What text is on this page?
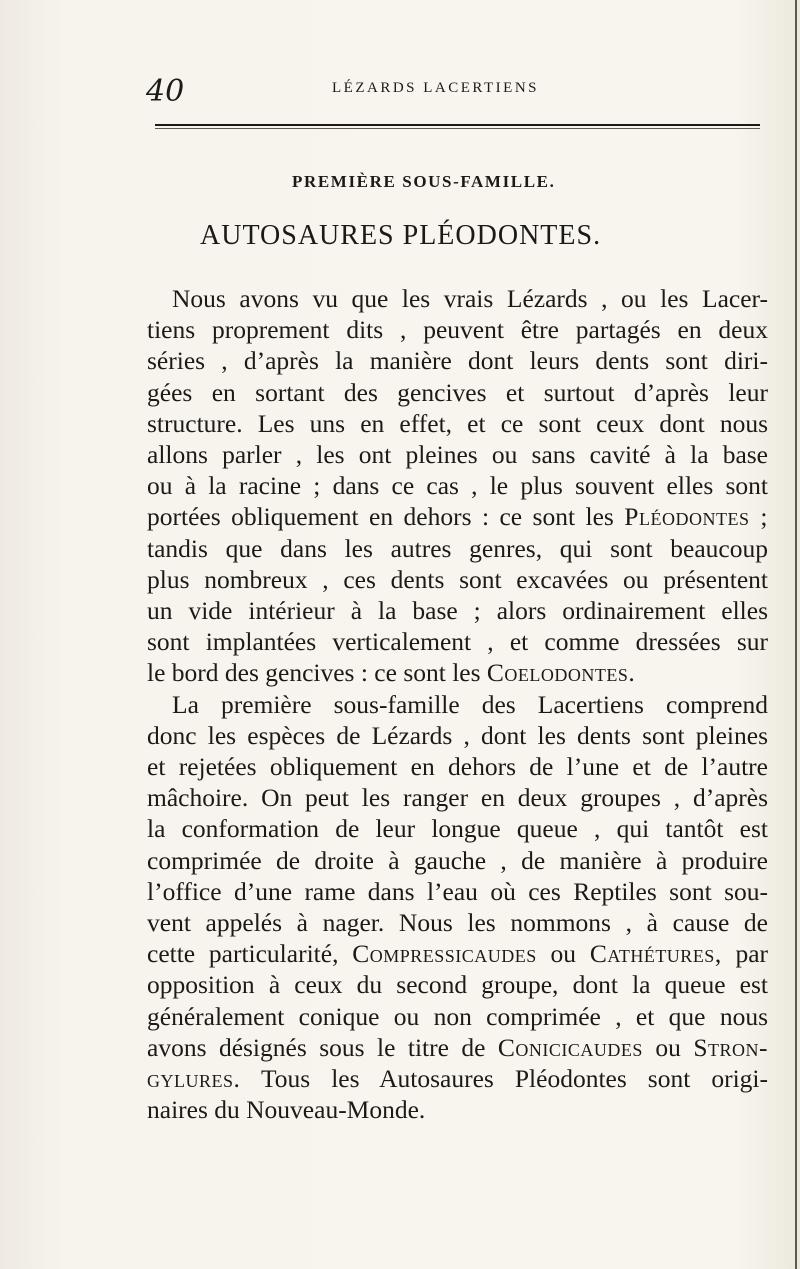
40	LÉZARDS LACERTIENS
PREMIÈRE SOUS-FAMILLE.
AUTOSAURES PLÉODONTES.
Nous avons vu que les vrais Lézards , ou les Lacer-
tiens proprement dits , peuvent être partagés en deux
séries , d’après la manière dont leurs dents sont diri-
gées en sortant des gencives et surtout d’après leur
structure. Les uns en effet, et ce sont ceux dont nous
allons parler , les ont pleines ou sans cavité à la base
ou à la racine ; dans ce cas , le plus souvent elles sont
portées obliquement en dehors : ce sont les Pléodontes ;
tandis que dans les autres genres, qui sont beaucoup
plus nombreux , ces dents sont excavées ou présentent
un vide intérieur à la base ; alors ordinairement elles
sont implantées verticalement , et comme dressées sur
le bord des gencives : ce sont les Coelodontes.
La première sous-famille des Lacertiens comprend
donc les espèces de Lézards , dont les dents sont pleines
et rejetées obliquement en dehors de l’une et de l’autre
mâchoire. On peut les ranger en deux groupes , d’après
la conformation de leur longue queue , qui tantôt est
comprimée de droite à gauche , de manière à produire
l’office d’une rame dans l’eau où ces Reptiles sont sou-
vent appelés à nager. Nous les nommons , à cause de
cette particularité, Compressicaudes ou Cathétures, par
opposition à ceux du second groupe, dont la queue est
généralement conique ou non comprimée , et que nous
avons désignés sous le titre de Conicicaudes ou Stron-
gylures. Tous les Autosaures Pléodontes sont origi-
naires du Nouveau-Monde.
